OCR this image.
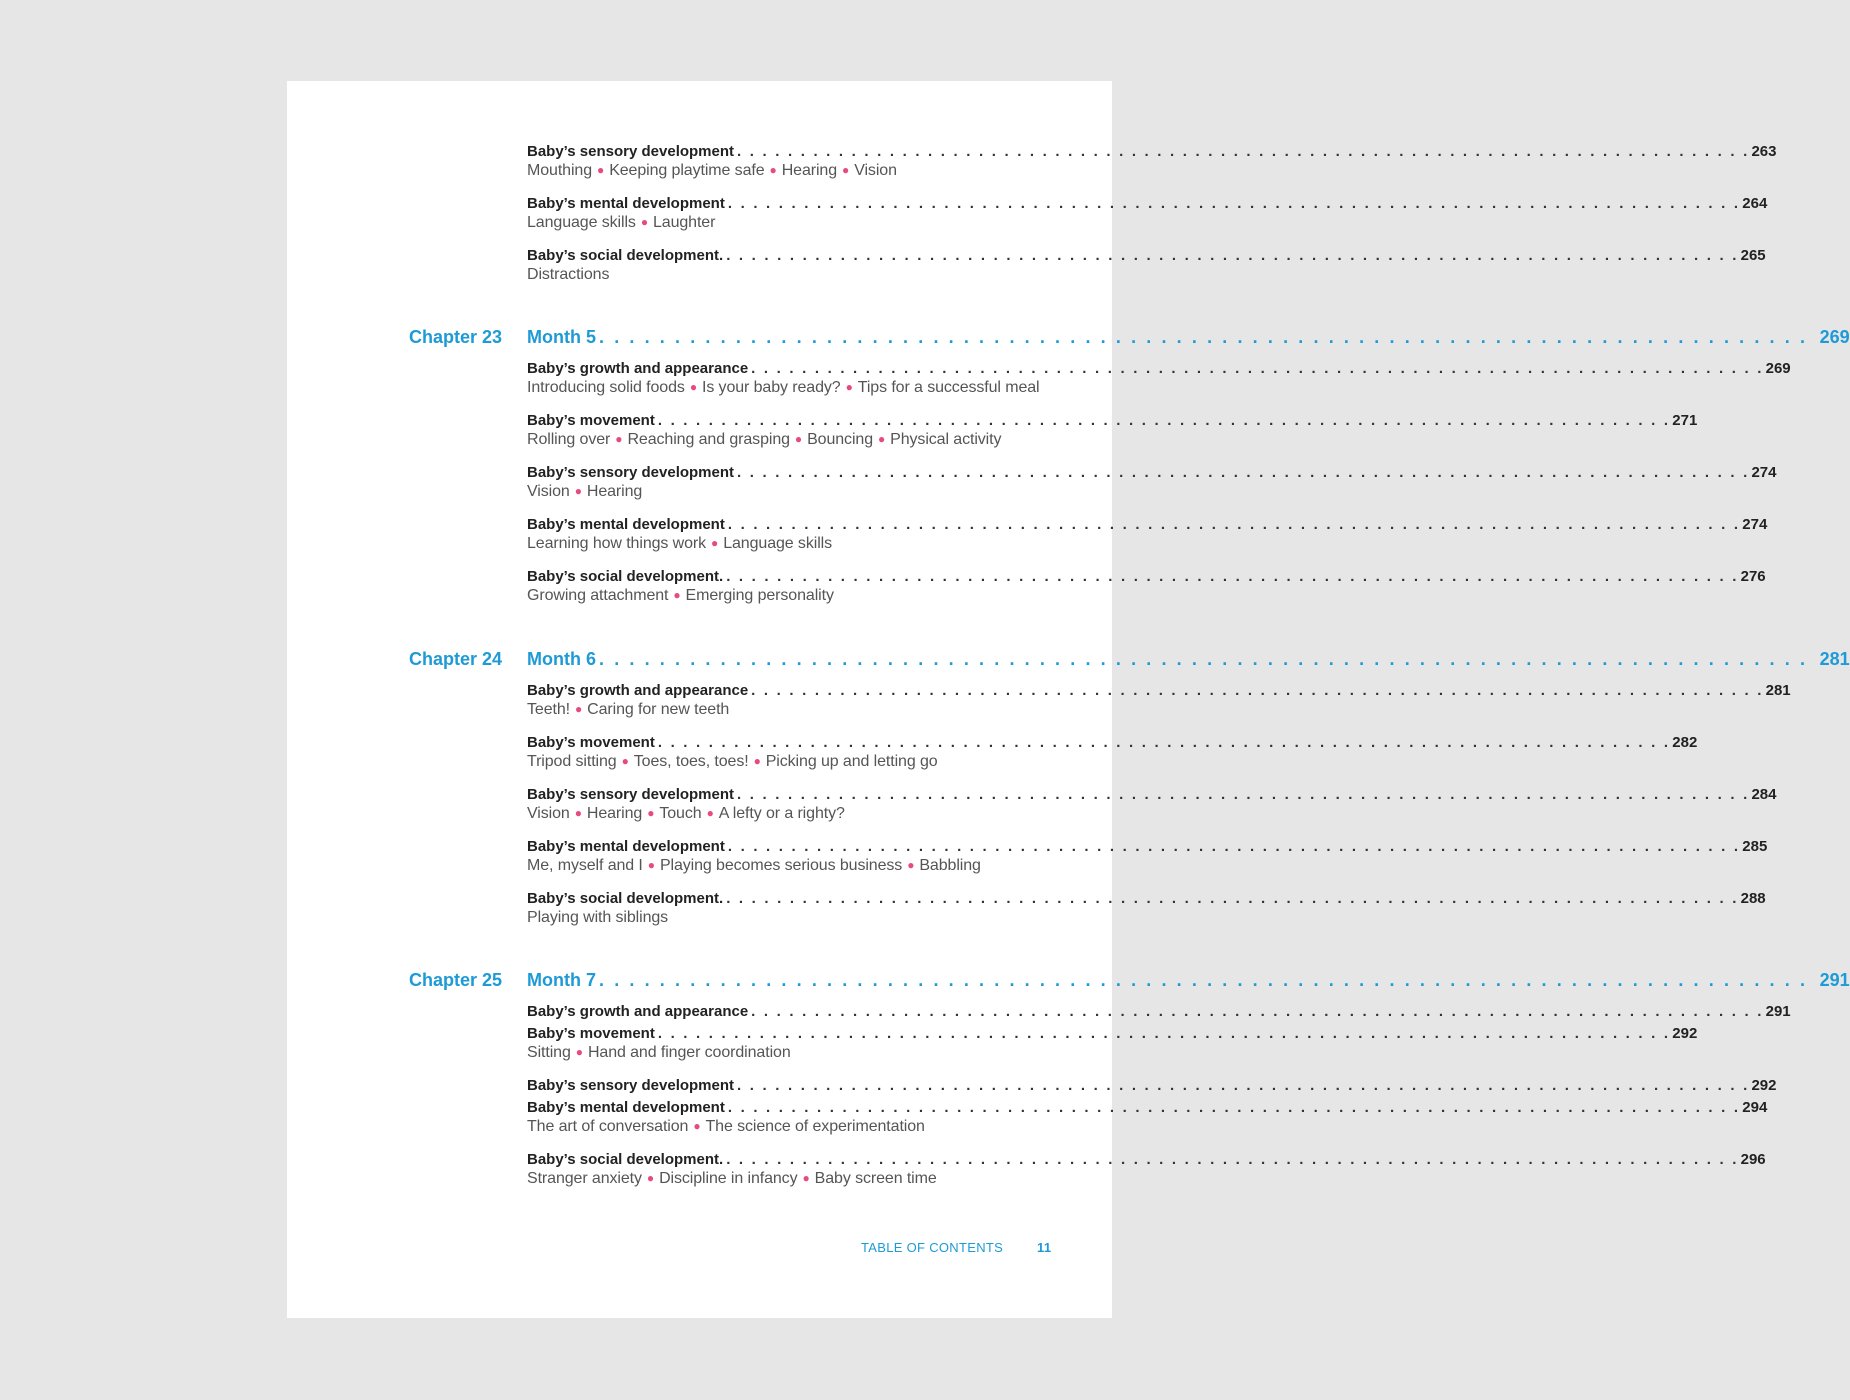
Baby’s sensory development . . . . . . . . . . . . . . . . . . . . . . . . . . . . . . . . . . . . . . . . . . . . . . . . . . . . . . . . . . . . . . . . . . . . . . . . . . . . . . . . 263
Mouthing ● Keeping playtime safe ● Hearing ● Vision
Baby’s mental development . . . . . . . . . . . . . . . . . . . . . . . . . . . . . . . . . . . . . . . . . . . . . . . . . . . . . . . . . . . . . . . . . . . . . . . . . . . . . . . . 264
Language skills ● Laughter
Baby’s social development. . . . . . . . . . . . . . . . . . . . . . . . . . . . . . . . . . . . . . . . . . . . . . . . . . . . . . . . . . . . . . . . . . . . . . . . . . . . . . . . . 265
Distractions
Chapter 23 Month 5 . . . . . . . . . . . . . . . . . . . . . . . . . . . . . . . . . . . . . . . . . . . . . . . . . . . . . . . . . . . . . . . . . . . . . . . . . . . . . . . . 269
Baby’s growth and appearance . . . . . . . . . . . . . . . . . . . . . . . . . . . . . . . . . . . . . . . . . . . . . . . . . . . . . . . . . . . . . . . . . . . . . . . . . . . . . . . . 269
Introducing solid foods ● Is your baby ready? ● Tips for a successful meal
Baby’s movement . . . . . . . . . . . . . . . . . . . . . . . . . . . . . . . . . . . . . . . . . . . . . . . . . . . . . . . . . . . . . . . . . . . . . . . . . . . . . . . . 271
Rolling over ● Reaching and grasping ● Bouncing ● Physical activity
Baby’s sensory development . . . . . . . . . . . . . . . . . . . . . . . . . . . . . . . . . . . . . . . . . . . . . . . . . . . . . . . . . . . . . . . . . . . . . . . . . . . . . . . . 274
Vision ● Hearing
Baby’s mental development . . . . . . . . . . . . . . . . . . . . . . . . . . . . . . . . . . . . . . . . . . . . . . . . . . . . . . . . . . . . . . . . . . . . . . . . . . . . . . . . 274
Learning how things work ● Language skills
Baby’s social development. . . . . . . . . . . . . . . . . . . . . . . . . . . . . . . . . . . . . . . . . . . . . . . . . . . . . . . . . . . . . . . . . . . . . . . . . . . . . . . . . 276
Growing attachment ● Emerging personality
Chapter 24 Month 6 . . . . . . . . . . . . . . . . . . . . . . . . . . . . . . . . . . . . . . . . . . . . . . . . . . . . . . . . . . . . . . . . . . . . . . . . . . . . . . . . 281
Baby’s growth and appearance . . . . . . . . . . . . . . . . . . . . . . . . . . . . . . . . . . . . . . . . . . . . . . . . . . . . . . . . . . . . . . . . . . . . . . . . . . . . . . . . 281
Teeth! ● Caring for new teeth
Baby’s movement . . . . . . . . . . . . . . . . . . . . . . . . . . . . . . . . . . . . . . . . . . . . . . . . . . . . . . . . . . . . . . . . . . . . . . . . . . . . . . . . 282
Tripod sitting ● Toes, toes, toes! ● Picking up and letting go
Baby’s sensory development . . . . . . . . . . . . . . . . . . . . . . . . . . . . . . . . . . . . . . . . . . . . . . . . . . . . . . . . . . . . . . . . . . . . . . . . . . . . . . . . 284
Vision ● Hearing ● Touch ● A lefty or a righty?
Baby’s mental development . . . . . . . . . . . . . . . . . . . . . . . . . . . . . . . . . . . . . . . . . . . . . . . . . . . . . . . . . . . . . . . . . . . . . . . . . . . . . . . . 285
Me, myself and I ● Playing becomes serious business ● Babbling
Baby’s social development. . . . . . . . . . . . . . . . . . . . . . . . . . . . . . . . . . . . . . . . . . . . . . . . . . . . . . . . . . . . . . . . . . . . . . . . . . . . . . . . . 288
Playing with siblings
Chapter 25 Month 7 . . . . . . . . . . . . . . . . . . . . . . . . . . . . . . . . . . . . . . . . . . . . . . . . . . . . . . . . . . . . . . . . . . . . . . . . . . . . . . . . 291
Baby’s growth and appearance . . . . . . . . . . . . . . . . . . . . . . . . . . . . . . . . . . . . . . . . . . . . . . . . . . . . . . . . . . . . . . . . . . . . . . . . . . . . . . . . 291
Baby’s movement . . . . . . . . . . . . . . . . . . . . . . . . . . . . . . . . . . . . . . . . . . . . . . . . . . . . . . . . . . . . . . . . . . . . . . . . . . . . . . . . 292
Sitting ● Hand and finger coordination
Baby’s sensory development . . . . . . . . . . . . . . . . . . . . . . . . . . . . . . . . . . . . . . . . . . . . . . . . . . . . . . . . . . . . . . . . . . . . . . . . . . . . . . . . 292
Baby’s mental development . . . . . . . . . . . . . . . . . . . . . . . . . . . . . . . . . . . . . . . . . . . . . . . . . . . . . . . . . . . . . . . . . . . . . . . . . . . . . . . . 294
The art of conversation ● The science of experimentation
Baby’s social development. . . . . . . . . . . . . . . . . . . . . . . . . . . . . . . . . . . . . . . . . . . . . . . . . . . . . . . . . . . . . . . . . . . . . . . . . . . . . . . . . 296
Stranger anxiety ● Discipline in infancy ● Baby screen time
TABLE OF CONTENTS	11
